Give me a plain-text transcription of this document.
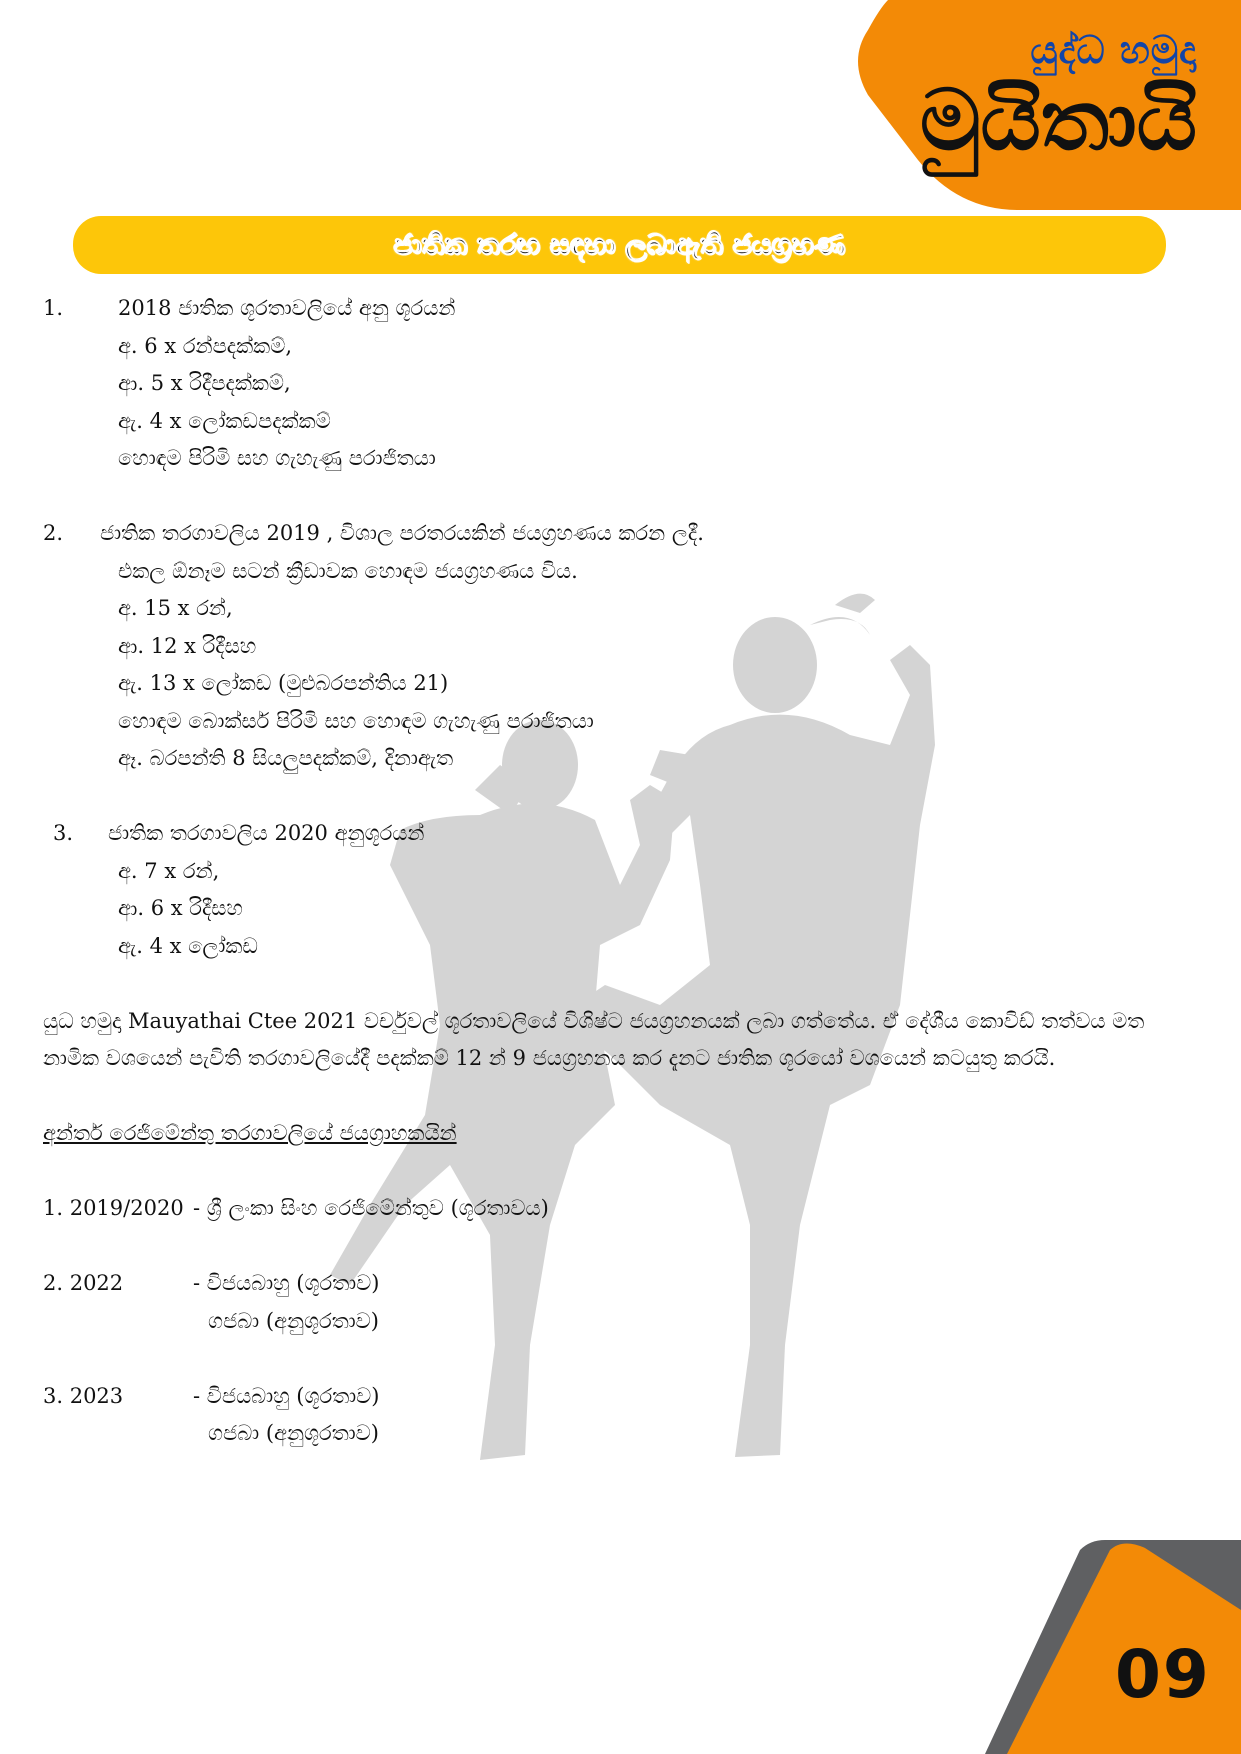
යුද්ධ හමුදා
මුයිතායි
ජාතික තරඟ සඳහා ලබාඇති ජයග්‍රහණ
1.	2018 ජාතික ශූරතාවලියේ අනු ශූරයන්
අ. 6 x රන්පදක්කම්,
ආ. 5 x රිදීපදක්කම්,
ඇ. 4 x ලෝකඩපදක්කම්
හොඳම පිරිමි සහ ගැහැණු පරාජිතයා
2. ජාතික තරගාවලිය 2019 , විශාල පරතරයකින් ජයග්‍රහණය කරන ලදී.
එකල ඕනෑම සටන් ක්‍රීඩාවක හොඳම ජයග්‍රහණය විය.
අ. 15 x රන්,
ආ. 12 x රිදීසහ
ඇ. 13 x ලෝකඩ (මුළුබරපන්තිය 21)
හොඳම බොක්සර් පිරිමි සහ හොඳම ගැහැණු පරාජිතයා
ඈ. බරපන්ති 8 සියලුපදක්කම්, දිනාඇත
3. ජාතික තරගාවලිය 2020 අනුශූරයන්
අ. 7 x රන්,
ආ. 6 x රිදීසහ
ඇ. 4 x ලෝකඩ
යුධ හමුදා Mauyathai Ctee 2021 වර්චුවල් ශූරතාවලියේ විශිෂ්ට ජයග්‍රහනයක් ලබා ගත්තේය. ඒ දේශීය කොවිඩ් තත්වය මත නාමික වශයෙන් පැවිති තරගාවලියේදී පදක්කම් 12 න් 9 ජයග්‍රහනය කර දැනට ජාතික ශූරයෝ වශයෙන් කටයුතු කරයි.
අන්තර් රෙජිමේන්තු තරගාවලියේ ජයග්‍රාහකයින්
1. 2019/2020 - ශ්‍රී ලංකා සිංහ රෙජිමේන්තුව (ශූරතාවය)
2. 2022	- විජයබාහු (ශූරතාව)
ගජබා (අනුශූරතාව)
3. 2023	- විජයබාහු (ශූරතාව)
ගජබා (අනුශූරතාව)
09
